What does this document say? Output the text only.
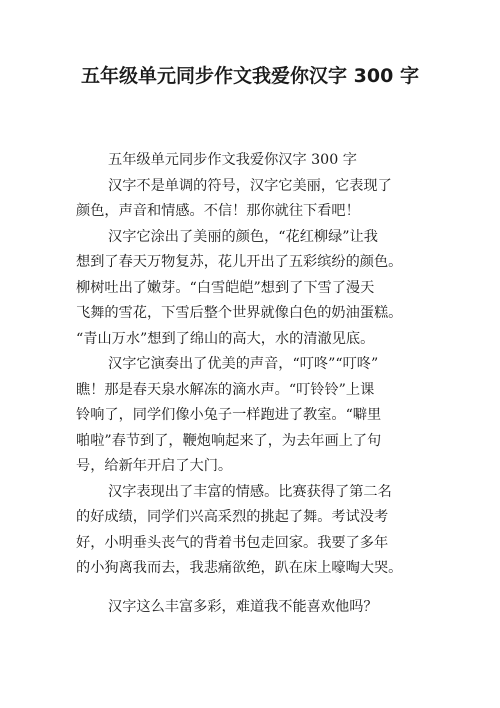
五年级单元同步作文我爱你汉字 300 字
五年级单元同步作文我爱你汉字 300 字
汉字不是单调的符号，汉字它美丽，它表现了
颜色，声音和情感。不信！那你就往下看吧！
汉字它涂出了美丽的颜色，“花红柳绿”让我
想到了春天万物复苏，花儿开出了五彩缤纷的颜色。
柳树吐出了嫩芽。“白雪皑皑”想到了下雪了漫天
飞舞的雪花，下雪后整个世界就像白色的奶油蛋糕。
“青山万水”想到了绵山的高大，水的清澈见底。
汉字它演奏出了优美的声音，“叮咚”“叮咚”
瞧！那是春天泉水解冻的滴水声。“叮铃铃”上课
铃响了，同学们像小兔子一样跑进了教室。“噼里
啪啦”春节到了，鞭炮响起来了，为去年画上了句
号，给新年开启了大门。
汉字表现出了丰富的情感。比赛获得了第二名
的好成绩，同学们兴高采烈的挑起了舞。考试没考
好，小明垂头丧气的背着书包走回家。我要了多年
的小狗离我而去，我悲痛欲绝，趴在床上嚎啕大哭。
汉字这么丰富多彩，难道我不能喜欢他吗？
